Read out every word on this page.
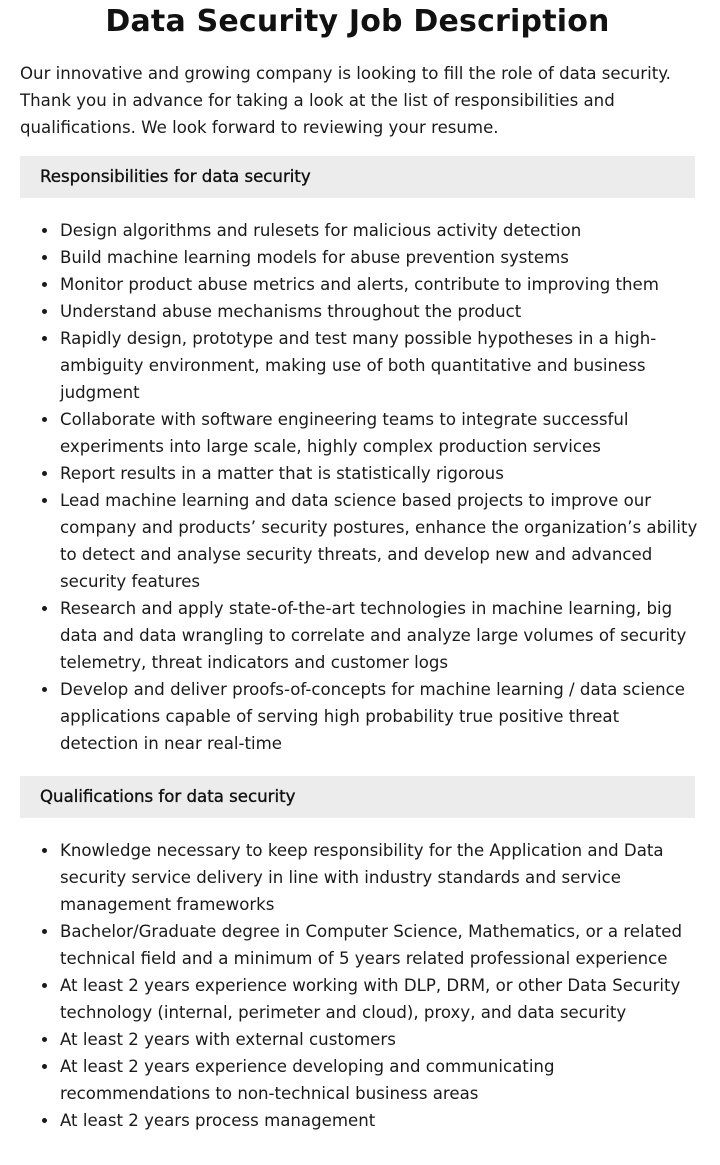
Data Security Job Description

Our innovative and growing company is looking to fill the role of data security. Thank you in advance for taking a look at the list of responsibilities and qualifications. We look forward to reviewing your resume.

Responsibilities for data security
Design algorithms and rulesets for malicious activity detection
Build machine learning models for abuse prevention systems
Monitor product abuse metrics and alerts, contribute to improving them
Understand abuse mechanisms throughout the product
Rapidly design, prototype and test many possible hypotheses in a high-ambiguity environment, making use of both quantitative and business judgment
Collaborate with software engineering teams to integrate successful experiments into large scale, highly complex production services
Report results in a matter that is statistically rigorous
Lead machine learning and data science based projects to improve our company and products’ security postures, enhance the organization’s ability to detect and analyse security threats, and develop new and advanced security features
Research and apply state-of-the-art technologies in machine learning, big data and data wrangling to correlate and analyze large volumes of security telemetry, threat indicators and customer logs
Develop and deliver proofs-of-concepts for machine learning / data science applications capable of serving high probability true positive threat detection in near real-time
Qualifications for data security
Knowledge necessary to keep responsibility for the Application and Data security service delivery in line with industry standards and service management frameworks
Bachelor/Graduate degree in Computer Science, Mathematics, or a related technical field and a minimum of 5 years related professional experience
At least 2 years experience working with DLP, DRM, or other Data Security technology (internal, perimeter and cloud), proxy, and data security
At least 2 years with external customers
At least 2 years experience developing and communicating recommendations to non-technical business areas
At least 2 years process management
